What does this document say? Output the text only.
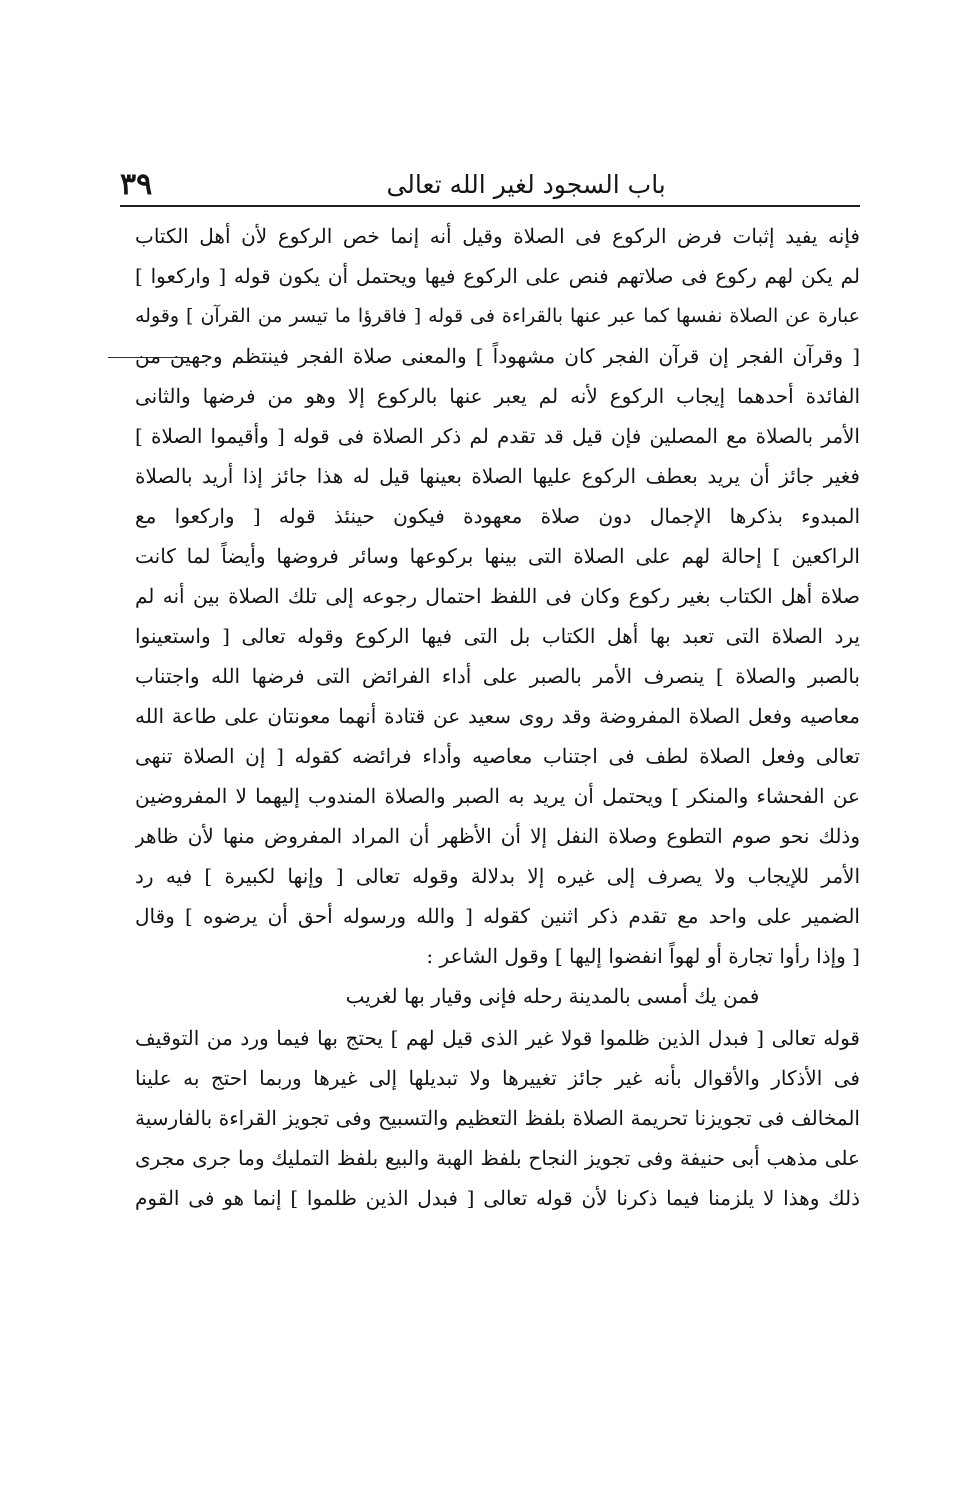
باب السجود لغير الله تعالى
٣٩
فإنه يفيد إثبات فرض الركوع فى الصلاة وقيل أنه إنما خص الركوع لأن أهل الكتاب
لم يكن لهم ركوع فى صلاتهم فنص على الركوع فيها ويحتمل أن يكون قوله [ واركعوا ]
عبارة عن الصلاة نفسها كما عبر عنها بالقراءة فى قوله [ فاقرؤا ما تيسر من القرآن ] وقوله
[ وقرآن الفجر إن قرآن الفجر كان مشهوداً ] والمعنى صلاة الفجر فينتظم وجهين من
الفائدة أحدهما إيجاب الركوع لأنه لم يعبر عنها بالركوع إلا وهو من فرضها والثانى
الأمر بالصلاة مع المصلين فإن قيل قد تقدم لم ذكر الصلاة فى قوله [ وأقيموا الصلاة ]
فغير جائز أن يريد بعطف الركوع عليها الصلاة بعينها قيل له هذا جائز إذا أريد بالصلاة
المبدوء بذكرها الإجمال دون صلاة معهودة فيكون حينئذ قوله [ واركعوا مع
الراكعين ] إحالة لهم على الصلاة التى بينها بركوعها وسائر فروضها وأيضاً لما كانت
صلاة أهل الكتاب بغير ركوع وكان فى اللفظ احتمال رجوعه إلى تلك الصلاة بين أنه لم
يرد الصلاة التى تعبد بها أهل الكتاب بل التى فيها الركوع وقوله تعالى [ واستعينوا
بالصبر والصلاة ] ينصرف الأمر بالصبر على أداء الفرائض التى فرضها الله واجتناب
معاصيه وفعل الصلاة المفروضة وقد روى سعيد عن قتادة أنهما معونتان على طاعة الله
تعالى وفعل الصلاة لطف فى اجتناب معاصيه وأداء فرائضه كقوله [ إن الصلاة تنهى
عن الفحشاء والمنكر ] ويحتمل أن يريد به الصبر والصلاة المندوب إليهما لا المفروضين
وذلك نحو صوم التطوع وصلاة النفل إلا أن الأظهر أن المراد المفروض منها لأن ظاهر
الأمر للإيجاب ولا يصرف إلى غيره إلا بدلالة وقوله تعالى [ وإنها لكبيرة ] فيه رد
الضمير على واحد مع تقدم ذكر اثنين كقوله [ والله ورسوله أحق أن يرضوه ] وقال
[ وإذا رأوا تجارة أو لهواً انفضوا إليها ] وقول الشاعر :
فمن يك أمسى بالمدينة رحله فإنى وقيار بها لغريب
قوله تعالى [ فبدل الذين ظلموا قولا غير الذى قيل لهم ] يحتج بها فيما ورد من التوقيف
فى الأذكار والأقوال بأنه غير جائز تغييرها ولا تبديلها إلى غيرها وربما احتج به علينا
المخالف فى تجويزنا تحريمة الصلاة بلفظ التعظيم والتسبيح وفى تجويز القراءة بالفارسية
على مذهب أبى حنيفة وفى تجويز النجاح بلفظ الهبة والبيع بلفظ التمليك وما جرى مجرى
ذلك وهذا لا يلزمنا فيما ذكرنا لأن قوله تعالى [ فبدل الذين ظلموا ] إنما هو فى القوم
